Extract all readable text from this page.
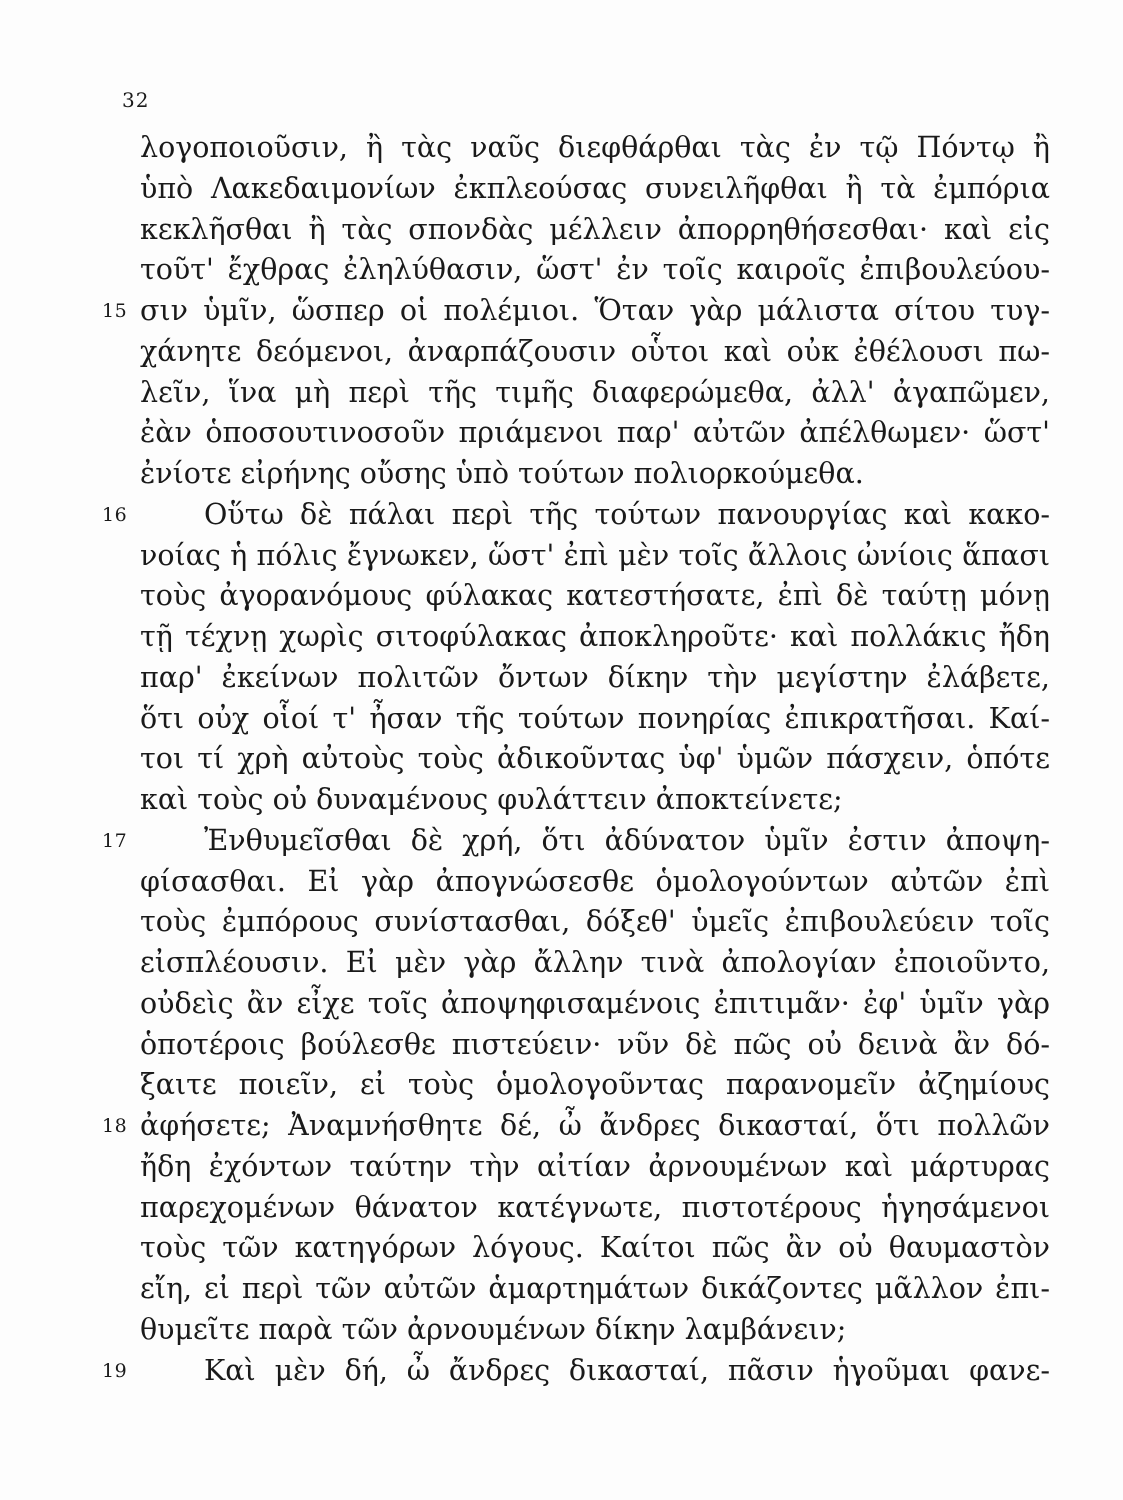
32
λογοποιοῦσιν, ἢ τὰς ναῦς διεφθάρθαι τὰς ἐν τῷ Πόντῳ ἢ
ὑπὸ Λακεδαιμονίων ἐκπλεούσας συνειλῆφθαι ἢ τὰ ἐμπόρια
κεκλῆσθαι ἢ τὰς σπονδὰς μέλλειν ἀπορρηθήσεσθαι· καὶ εἰς
τοῦτ' ἔχθρας ἐληλύθασιν, ὥστ' ἐν τοῖς καιροῖς ἐπιβουλεύου-
15 σιν ὑμῖν, ὥσπερ οἱ πολέμιοι. Ὅταν γὰρ μάλιστα σίτου τυγ-
χάνητε δεόμενοι, ἀναρπάζουσιν οὗτοι καὶ οὐκ ἐθέλουσι πω-
λεῖν, ἵνα μὴ περὶ τῆς τιμῆς διαφερώμεθα, ἀλλ' ἀγαπῶμεν,
ἐὰν ὁποσουτινοσοῦν πριάμενοι παρ' αὐτῶν ἀπέλθωμεν· ὥστ'
ἐνίοτε εἰρήνης οὔσης ὑπὸ τούτων πολιορκούμεθα.
16	Οὕτω δὲ πάλαι περὶ τῆς τούτων πανουργίας καὶ κακο-
νοίας ἡ πόλις ἔγνωκεν, ὥστ' ἐπὶ μὲν τοῖς ἄλλοις ὠνίοις ἅπασι
τοὺς ἀγορανόμους φύλακας κατεστήσατε, ἐπὶ δὲ ταύτῃ μόνῃ
τῇ τέχνῃ χωρὶς σιτοφύλακας ἀποκληροῦτε· καὶ πολλάκις ἤδη
παρ' ἐκείνων πολιτῶν ὄντων δίκην τὴν μεγίστην ἐλάβετε,
ὅτι οὐχ οἷοί τ' ἦσαν τῆς τούτων πονηρίας ἐπικρατῆσαι. Καί-
τοι τί χρὴ αὐτοὺς τοὺς ἀδικοῦντας ὑφ' ὑμῶν πάσχειν, ὁπότε
καὶ τοὺς οὐ δυναμένους φυλάττειν ἀποκτείνετε;
17	Ἐνθυμεῖσθαι δὲ χρή, ὅτι ἀδύνατον ὑμῖν ἐστιν ἀποψη-
φίσασθαι. Εἰ γὰρ ἀπογνώσεσθε ὁμολογούντων αὐτῶν ἐπὶ
τοὺς ἐμπόρους συνίστασθαι, δόξεθ' ὑμεῖς ἐπιβουλεύειν τοῖς
εἰσπλέουσιν. Εἰ μὲν γὰρ ἄλλην τινὰ ἀπολογίαν ἐποιοῦντο,
οὐδεὶς ἂν εἶχε τοῖς ἀποψηφισαμένοις ἐπιτιμᾶν· ἐφ' ὑμῖν γὰρ
ὁποτέροις βούλεσθε πιστεύειν· νῦν δὲ πῶς οὐ δεινὰ ἂν δό-
ξαιτε ποιεῖν, εἰ τοὺς ὁμολογοῦντας παρανομεῖν ἀζημίους
18 ἀφήσετε; Ἀναμνήσθητε δέ, ὦ ἄνδρες δικασταί, ὅτι πολλῶν
ἤδη ἐχόντων ταύτην τὴν αἰτίαν ἀρνουμένων καὶ μάρτυρας
παρεχομένων θάνατον κατέγνωτε, πιστοτέρους ἡγησάμενοι
τοὺς τῶν κατηγόρων λόγους. Καίτοι πῶς ἂν οὐ θαυμαστὸν
εἴη, εἰ περὶ τῶν αὐτῶν ἁμαρτημάτων δικάζοντες μᾶλλον ἐπι-
θυμεῖτε παρὰ τῶν ἀρνουμένων δίκην λαμβάνειν;
19	Καὶ μὲν δή, ὦ ἄνδρες δικασταί, πᾶσιν ἡγοῦμαι φανε-
